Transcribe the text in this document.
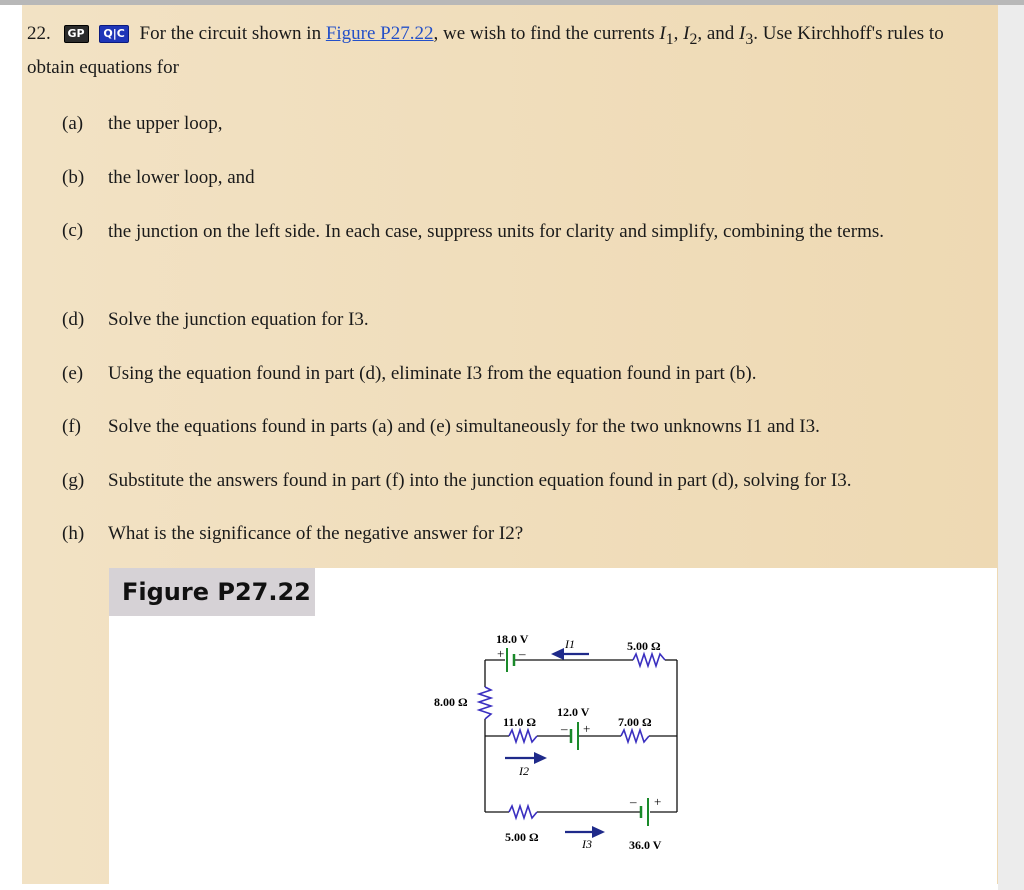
22. GP Q|C For the circuit shown in Figure P27.22, we wish to find the currents $I_1$, $I_2$, and $I_3$. Use Kirchhoff's rules to obtain equations for
(a)	the upper loop,
(b)	the lower loop, and
(c)	the junction on the left side. In each case, suppress units for clarity and simplify, combining the terms.
(d)	Solve the junction equation for I3.
(e)	Using the equation found in part (d), eliminate I3 from the equation found in part (b).
(f)	Solve the equations found in parts (a) and (e) simultaneously for the two unknowns I1 and I3.
(g)	Substitute the answers found in part (f) into the junction equation found in part (d), solving for I3.
(h)	What is the significance of the negative answer for I2?
Figure P27.22
18.0 V
+ –
I1	5.00 Ω
8.00 Ω
11.0 Ω
12.0 V
– + 7.00 Ω
I2
– +
5.00 Ω	I3	36.0 V
